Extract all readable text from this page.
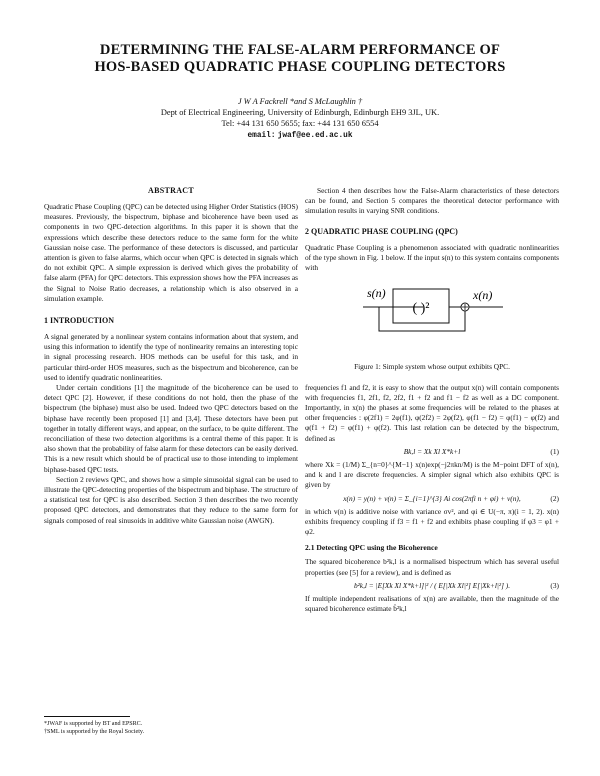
DETERMINING THE FALSE-ALARM PERFORMANCE OF
HOS-BASED QUADRATIC PHASE COUPLING DETECTORS
J W A Fackrell *and S McLaughlin †
Dept of Electrical Engineering, University of Edinburgh, Edinburgh EH9 3JL, UK.
Tel: +44 131 650 5655; fax: +44 131 650 6554
email: jwaf@ee.ed.ac.uk
ABSTRACT

Quadratic Phase Coupling (QPC) can be detected using Higher Order Statistics (HOS) measures. Previously, the bispectrum, biphase and bicoherence have been used as components in two QPC-detection algorithms. In this paper it is shown that the expressions which describe these detectors reduce to the same form for the white Gaussian noise case. The performance of these detectors is discussed, and particular attention is given to false alarms, which occur when QPC is detected in signals which do not exhibit QPC. A simple expression is derived which gives the probability of false alarm (PFA) for QPC detectors. This expression shows how the PFA increases as the Signal to Noise Ratio decreases, a relationship which is also observed in a simulation example.

1 INTRODUCTION

A signal generated by a nonlinear system contains information about that system, and using this information to identify the type of nonlinearity remains an interesting topic in signal processing research. HOS methods can be useful for this task, and in particular third-order HOS measures, such as the bispectrum and bicoherence, can be used to identify quadratic nonlinearities.

Under certain conditions [1] the magnitude of the bicoherence can be used to detect QPC [2]. However, if these conditions do not hold, then the phase of the bispectrum (the biphase) must also be used. Indeed two QPC detectors based on the biphase have recently been proposed [1] and [3,4]. These detectors have been put together in totally different ways, and appear, on the surface, to be quite different. The reconciliation of these two detection algorithms is a central theme of this paper. It is also shown that the probability of false alarm for these detectors can be easily derived. This is a new result which should be of practical use to those intending to implement biphase-based QPC tests.

Section 2 reviews QPC, and shows how a simple sinusoidal signal can be used to illustrate the QPC-detecting properties of the bispectrum and biphase. The structure of a statistical test for QPC is also described. Section 3 then describes the two recently proposed QPC detectors, and demonstrates that they reduce to the same form for signals composed of real sinusoids in additive white Gaussian noise (AWGN).

*JWAF is supported by BT and EPSRC.
†SML is supported by the Royal Society.

Section 4 then describes how the False-Alarm characteristics of these detectors can be found, and Section 5 compares the theoretical detector performance with simulation results in varying SNR conditions.

2 QUADRATIC PHASE COUPLING (QPC)

Quadratic Phase Coupling is a phenomenon associated with quadratic nonlinearities of the type shown in Fig. 1 below. If the input s(n) to this system contains components with

s(n)
( )²
x(n)
Figure 1: Simple system whose output exhibits QPC.

frequencies f1 and f2, it is easy to show that the output x(n) will contain components with frequencies f1, 2f1, f2, 2f2, f1 + f2 and f1 − f2 as well as a DC component. Importantly, in x(n) the phases at some frequencies will be related to the phases at other frequencies : φ(2f1) = 2φ(f1), φ(2f2) = 2φ(f2), φ(f1 − f2) = φ(f1) − φ(f2) and φ(f1 + f2) = φ(f1) + φ(f2). This last relation can be detected by the bispectrum, defined as

Bk,l = Xk Xl X*k+l	(1)

where Xk = (1/M) Σ_{n=0}^{M−1} x(n)exp(−j2πkn/M) is the M−point DFT of x(n), and k and l are discrete frequencies. A simpler signal which also exhibits QPC is given by

x(n) = y(n) + v(n) = Σ_{i=1}^{3} Ai cos(2πfi n + φi) + v(n),	(2)

in which v(n) is additive noise with variance σv², and φi ∈ U(−π, π)(i = 1, 2). x(n) exhibits frequency coupling if f3 = f1 + f2 and exhibits phase coupling if φ3 = φ1 + φ2.

2.1 Detecting QPC using the Bicoherence

The squared bicoherence b²k,l is a normalised bispectrum which has several useful properties (see [5] for a review), and is defined as

b²k,l = |E[Xk Xl X*k+l]|² / ( E[|Xk Xl|²] E[|Xk+l|²] ).	(3)

If multiple independent realisations of x(n) are available, then the magnitude of the squared bicoherence estimate b̂²k,l
